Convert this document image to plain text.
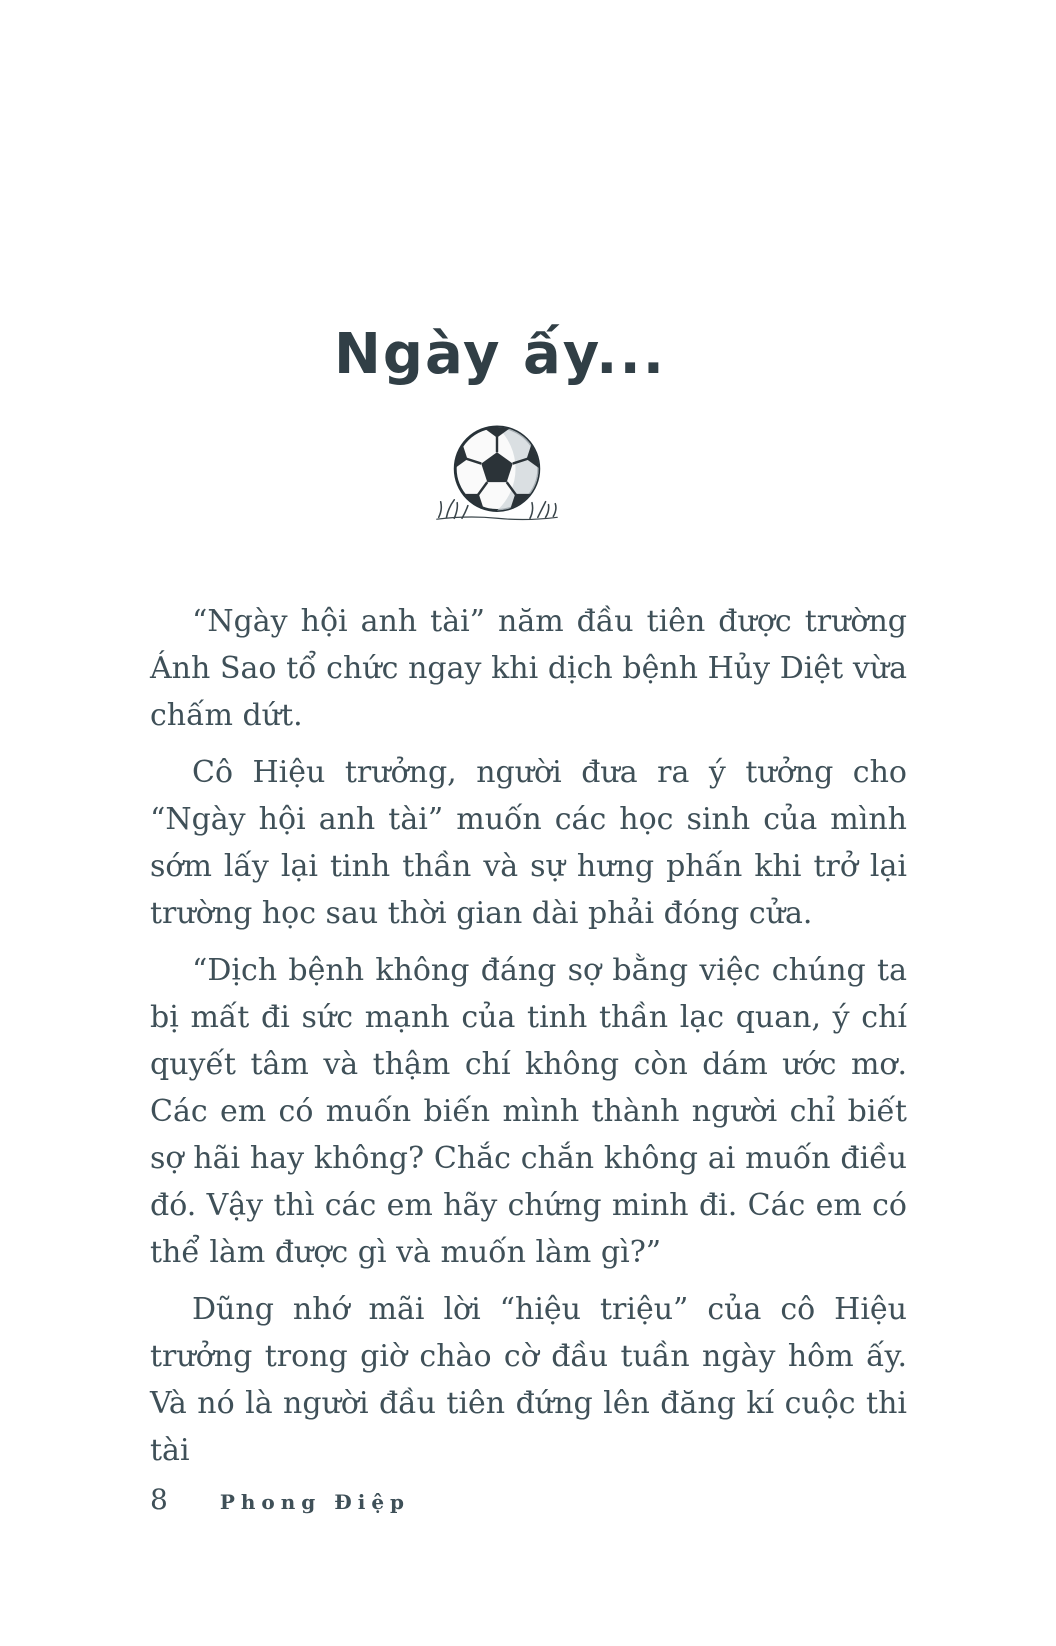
Ngày ấy...

“Ngày hội anh tài” năm đầu tiên được trường Ánh Sao tổ chức ngay khi dịch bệnh Hủy Diệt vừa chấm dứt.

Cô Hiệu trưởng, người đưa ra ý tưởng cho “Ngày hội anh tài” muốn các học sinh của mình sớm lấy lại tinh thần và sự hưng phấn khi trở lại trường học sau thời gian dài phải đóng cửa.

“Dịch bệnh không đáng sợ bằng việc chúng ta bị mất đi sức mạnh của tinh thần lạc quan, ý chí quyết tâm và thậm chí không còn dám ước mơ. Các em có muốn biến mình thành người chỉ biết sợ hãi hay không? Chắc chắn không ai muốn điều đó. Vậy thì các em hãy chứng minh đi. Các em có thể làm được gì và muốn làm gì?”

Dũng nhớ mãi lời “hiệu triệu” của cô Hiệu trưởng trong giờ chào cờ đầu tuần ngày hôm ấy. Và nó là người đầu tiên đứng lên đăng kí cuộc thi tài

8	Phong Điệp
